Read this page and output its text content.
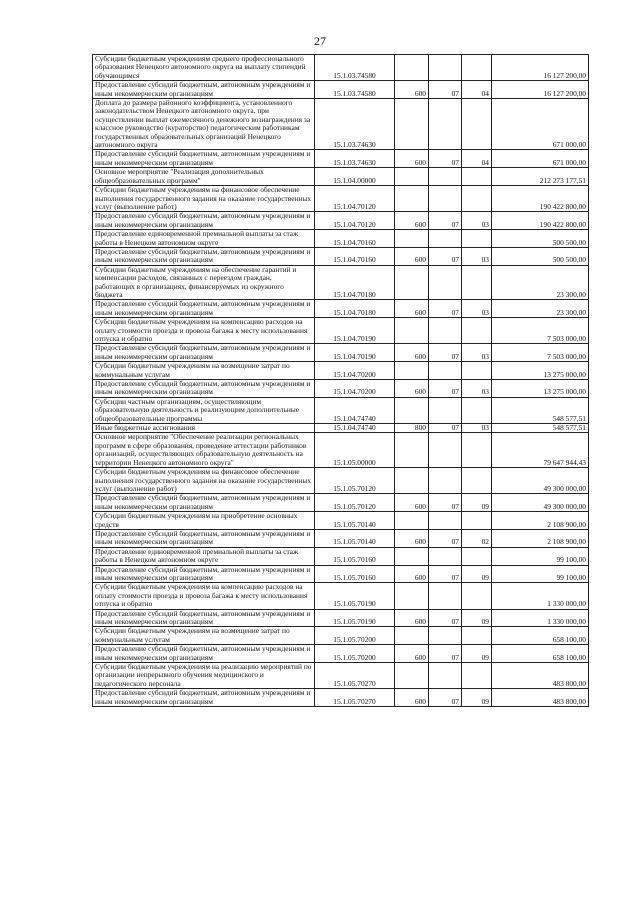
27
Субсидии бюджетным учреждениям среднего профессионального образования Ненецкого автономного округа на выплату стипендий обучающимся	15.1.03.74580				16 127 200,00
Предоставление субсидий бюджетным, автономным учреждениям и иным некоммерческим организациям	15.1.03.74580	600	07	04	16 127 200,00
Доплата до размера районного коэффициента, установленного законодательством Ненецкого автономного округа, при осуществлении выплат ежемесячного денежного вознаграждения за классное руководство (кураторство) педагогическим работникам государственных образовательных организаций Ненецкого автономного округа	15.1.03.74630				671 000,00
Предоставление субсидий бюджетным, автономным учреждениям и иным некоммерческим организациям	15.1.03.74630	600	07	04	671 000,00
Основное мероприятие "Реализация дополнительных общеобразовательных программ"	15.1.04.00000				212 273 177,51
Субсидии бюджетным учреждениям на финансовое обеспечение выполнения государственного задания на оказание государственных услуг (выполнение работ)	15.1.04.70120				190 422 800,00
Предоставление субсидий бюджетным, автономным учреждениям и иным некоммерческим организациям	15.1.04.70120	600	07	03	190 422 800,00
Предоставление единовременной премиальной выплаты за стаж работы в Ненецком автономном округе	15.1.04.70160				500 500,00
Предоставление субсидий бюджетным, автономным учреждениям и иным некоммерческим организациям	15.1.04.70160	600	07	03	500 500,00
Субсидии бюджетным учреждениям на обеспечение гарантий и компенсации расходов, связанных с переездом граждан, работающих в организациях, финансируемых из окружного бюджета	15.1.04.70180				23 300,00
Предоставление субсидий бюджетным, автономным учреждениям и иным некоммерческим организациям	15.1.04.70180	600	07	03	23 300,00
Субсидии бюджетным учреждениям на компенсацию расходов на оплату стоимости проезда и провоза багажа к месту использования отпуска и обратно	15.1.04.70190				7 503 000,00
Предоставление субсидий бюджетным, автономным учреждениям и иным некоммерческим организациям	15.1.04.70190	600	07	03	7 503 000,00
Субсидии бюджетным учреждениям на возмещение затрат по коммунальным услугам	15.1.04.70200				13 275 000,00
Предоставление субсидий бюджетным, автономным учреждениям и иным некоммерческим организациям	15.1.04.70200	600	07	03	13 275 000,00
Субсидии частным организациям, осуществляющим образовательную деятельность и реализующим дополнительные общеобразовательные программы	15.1.04.74740				548 577,51
Иные бюджетные ассигнования	15.1.04.74740	800	07	03	548 577,51
Основное мероприятие "Обеспечение реализации региональных программ в сфере образования, проведение аттестации работников организаций, осуществляющих образовательную деятельность на территории Ненецкого автономного округа"	15.1.05.00000				79 647 944,43
Субсидии бюджетным учреждениям на финансовое обеспечение выполнения государственного задания на оказание государственных услуг (выполнение работ)	15.1.05.70120				49 300 000,00
Предоставление субсидий бюджетным, автономным учреждениям и иным некоммерческим организациям	15.1.05.70120	600	07	09	49 300 000,00
Субсидии бюджетным учреждениям на приобретение основных средств	15.1.05.70140				2 108 900,00
Предоставление субсидий бюджетным, автономным учреждениям и иным некоммерческим организациям	15.1.05.70140	600	07	02	2 108 900,00
Предоставление единовременной премиальной выплаты за стаж работы в Ненецком автономном округе	15.1.05.70160				99 100,00
Предоставление субсидий бюджетным, автономным учреждениям и иным некоммерческим организациям	15.1.05.70160	600	07	09	99 100,00
Субсидии бюджетным учреждениям на компенсацию расходов на оплату стоимости проезда и провоза багажа к месту использования отпуска и обратно	15.1.05.70190				1 330 000,00
Предоставление субсидий бюджетным, автономным учреждениям и иным некоммерческим организациям	15.1.05.70190	600	07	09	1 330 000,00
Субсидии бюджетным учреждениям на возмещение затрат по коммунальным услугам	15.1.05.70200				658 100,00
Предоставление субсидий бюджетным, автономным учреждениям и иным некоммерческим организациям	15.1.05.70200	600	07	09	658 100,00
Субсидии бюджетным учреждениям на реализацию мероприятий по организации непрерывного обучения медицинского и педагогического персонала	15.1.05.70270				483 800,00
Предоставление субсидий бюджетным, автономным учреждениям и иным некоммерческим организациям	15.1.05.70270	600	07	09	483 800,00
